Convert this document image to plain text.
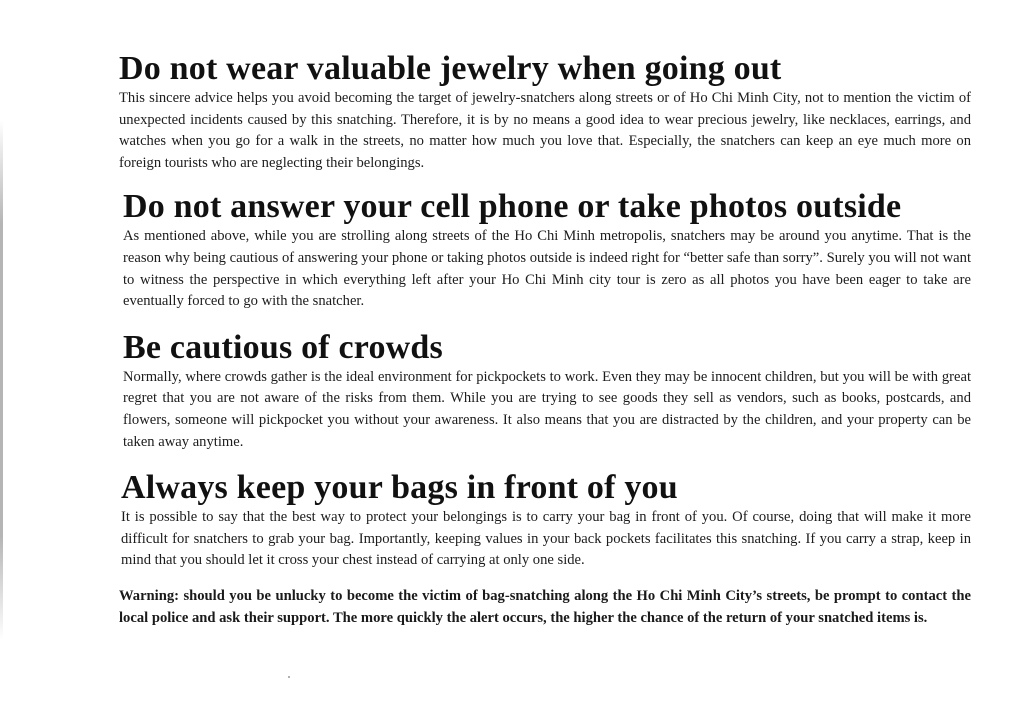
Do not wear valuable jewelry when going out

This sincere advice helps you avoid becoming the target of jewelry-snatchers along streets or of Ho Chi Minh City, not to mention the victim of unexpected incidents caused by this snatching. Therefore, it is by no means a good idea to wear precious jewelry, like necklaces, earrings, and watches when you go for a walk in the streets, no matter how much you love that. Especially, the snatchers can keep an eye much more on foreign tourists who are neglecting their belongings.

Do not answer your cell phone or take photos outside

As mentioned above, while you are strolling along streets of the Ho Chi Minh metropolis, snatchers may be around you anytime. That is the reason why being cautious of answering your phone or taking photos outside is indeed right for “better safe than sorry”. Surely you will not want to witness the perspective in which everything left after your Ho Chi Minh city tour is zero as all photos you have been eager to take are eventually forced to go with the snatcher.

Be cautious of crowds

Normally, where crowds gather is the ideal environment for pickpockets to work. Even they may be innocent children, but you will be with great regret that you are not aware of the risks from them. While you are trying to see goods they sell as vendors, such as books, postcards, and flowers, someone will pickpocket you without your awareness. It also means that you are distracted by the children, and your property can be taken away anytime.

Always keep your bags in front of you

It is possible to say that the best way to protect your belongings is to carry your bag in front of you. Of course, doing that will make it more difficult for snatchers to grab your bag. Importantly, keeping values in your back pockets facilitates this snatching. If you carry a strap, keep in mind that you should let it cross your chest instead of carrying at only one side.

Warning: should you be unlucky to become the victim of bag-snatching along the Ho Chi Minh City’s streets, be prompt to contact the local police and ask their support. The more quickly the alert occurs, the higher the chance of the return of your snatched items is.
